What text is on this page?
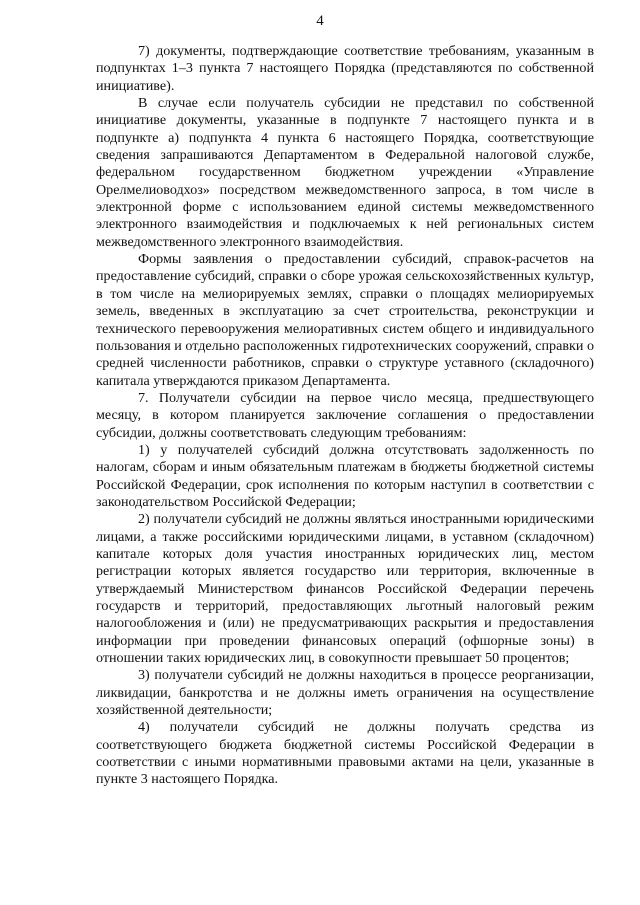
4

7) документы, подтверждающие соответствие требованиям, указанным в подпунктах 1–3 пункта 7 настоящего Порядка (представляются по собственной инициативе).

В случае если получатель субсидии не представил по собственной инициативе документы, указанные в подпункте 7 настоящего пункта и в подпункте а) подпункта 4 пункта 6 настоящего Порядка, соответствующие сведения запрашиваются Департаментом в Федеральной налоговой службе, федеральном государственном бюджетном учреждении «Управление Орелмелиоводхоз» посредством межведомственного запроса, в том числе в электронной форме с использованием единой системы межведомственного электронного взаимодействия и подключаемых к ней региональных систем межведомственного электронного взаимодействия.

Формы заявления о предоставлении субсидий, справок-расчетов на предоставление субсидий, справки о сборе урожая сельскохозяйственных культур, в том числе на мелиорируемых землях, справки о площадях мелиорируемых земель, введенных в эксплуатацию за счет строительства, реконструкции и технического перевооружения мелиоративных систем общего и индивидуального пользования и отдельно расположенных гидротехнических сооружений, справки о средней численности работников, справки о структуре уставного (складочного) капитала утверждаются приказом Департамента.

7. Получатели субсидии на первое число месяца, предшествующего месяцу, в котором планируется заключение соглашения о предоставлении субсидии, должны соответствовать следующим требованиям:

1) у получателей субсидий должна отсутствовать задолженность по налогам, сборам и иным обязательным платежам в бюджеты бюджетной системы Российской Федерации, срок исполнения по которым наступил в соответствии с законодательством Российской Федерации;

2) получатели субсидий не должны являться иностранными юридическими лицами, а также российскими юридическими лицами, в уставном (складочном) капитале которых доля участия иностранных юридических лиц, местом регистрации которых является государство или территория, включенные в утверждаемый Министерством финансов Российской Федерации перечень государств и территорий, предоставляющих льготный налоговый режим налогообложения и (или) не предусматривающих раскрытия и предоставления информации при проведении финансовых операций (офшорные зоны) в отношении таких юридических лиц, в совокупности превышает 50 процентов;

3) получатели субсидий не должны находиться в процессе реорганизации, ликвидации, банкротства и не должны иметь ограничения на осуществление хозяйственной деятельности;

4) получатели субсидий не должны получать средства из соответствующего бюджета бюджетной системы Российской Федерации в соответствии с иными нормативными правовыми актами на цели, указанные в пункте 3 настоящего Порядка.
